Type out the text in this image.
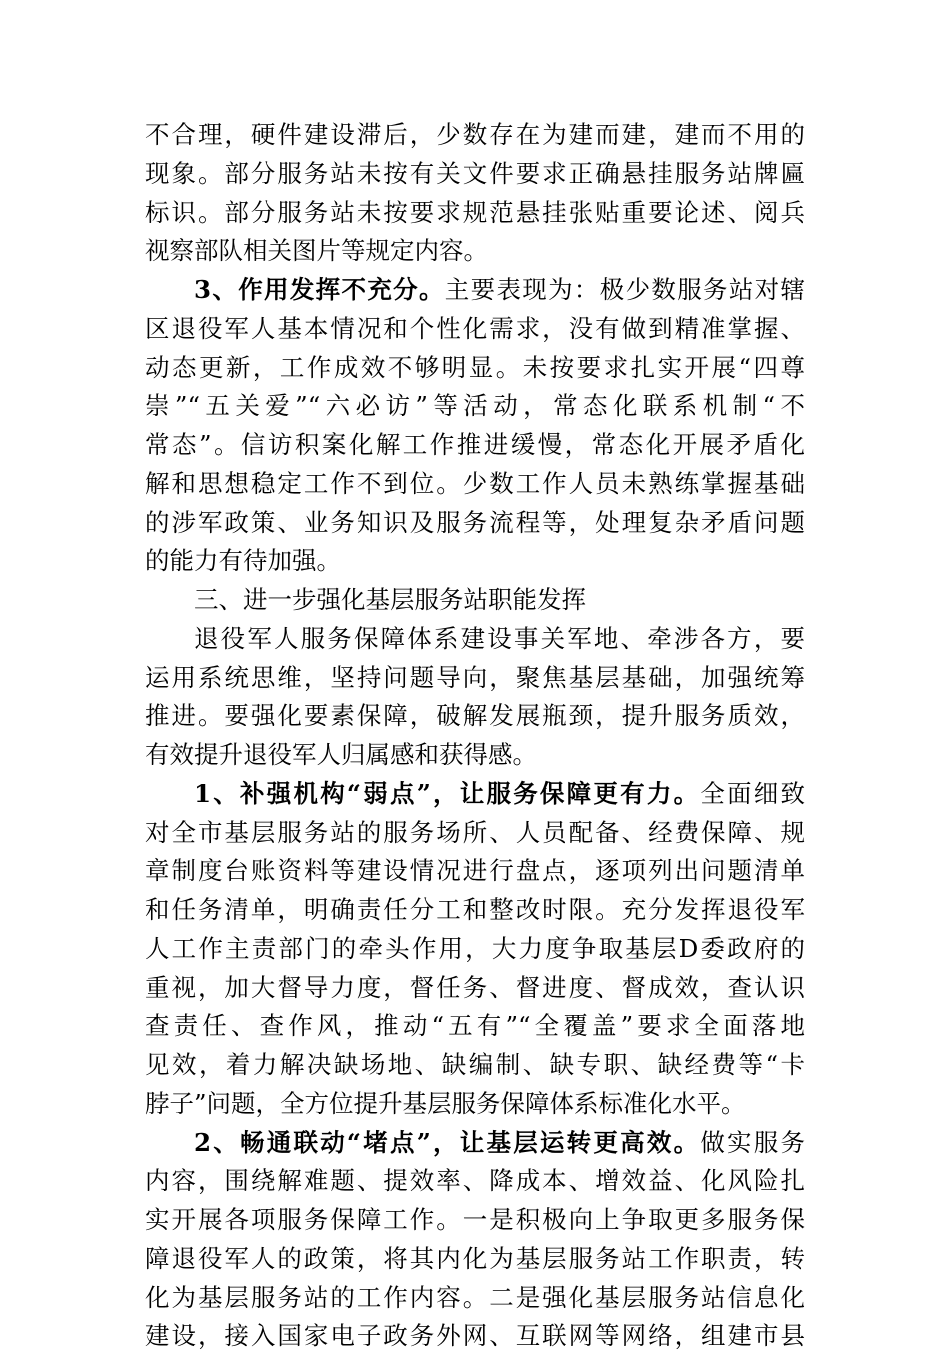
不合理，硬件建设滞后，少数存在为建而建，建而不用的
现象。部分服务站未按有关文件要求正确悬挂服务站牌匾
标识。部分服务站未按要求规范悬挂张贴重要论述、阅兵
视察部队相关图片等规定内容。
3、作用发挥不充分。主要表现为：极少数服务站对辖
区退役军人基本情况和个性化需求，没有做到精准掌握、
动态更新，工作成效不够明显。未按要求扎实开展“四尊
崇”“五关爱”“六必访”等活动，常态化联系机制“不
常态”。信访积案化解工作推进缓慢，常态化开展矛盾化
解和思想稳定工作不到位。少数工作人员未熟练掌握基础
的涉军政策、业务知识及服务流程等，处理复杂矛盾问题
的能力有待加强。
三、进一步强化基层服务站职能发挥
退役军人服务保障体系建设事关军地、牵涉各方，要
运用系统思维，坚持问题导向，聚焦基层基础，加强统筹
推进。要强化要素保障，破解发展瓶颈，提升服务质效，
有效提升退役军人归属感和获得感。
1、补强机构“弱点”，让服务保障更有力。全面细致
对全市基层服务站的服务场所、人员配备、经费保障、规
章制度台账资料等建设情况进行盘点，逐项列出问题清单
和任务清单，明确责任分工和整改时限。充分发挥退役军
人工作主责部门的牵头作用，大力度争取基层D委政府的
重视，加大督导力度，督任务、督进度、督成效，查认识
查责任、查作风，推动“五有”“全覆盖”要求全面落地
见效，着力解决缺场地、缺编制、缺专职、缺经费等“卡
脖子”问题，全方位提升基层服务保障体系标准化水平。
2、畅通联动“堵点”，让基层运转更高效。做实服务
内容，围绕解难题、提效率、降成本、增效益、化风险扎
实开展各项服务保障工作。一是积极向上争取更多服务保
障退役军人的政策，将其内化为基层服务站工作职责，转
化为基层服务站的工作内容。二是强化基层服务站信息化
建设，接入国家电子政务外网、互联网等网络，组建市县
